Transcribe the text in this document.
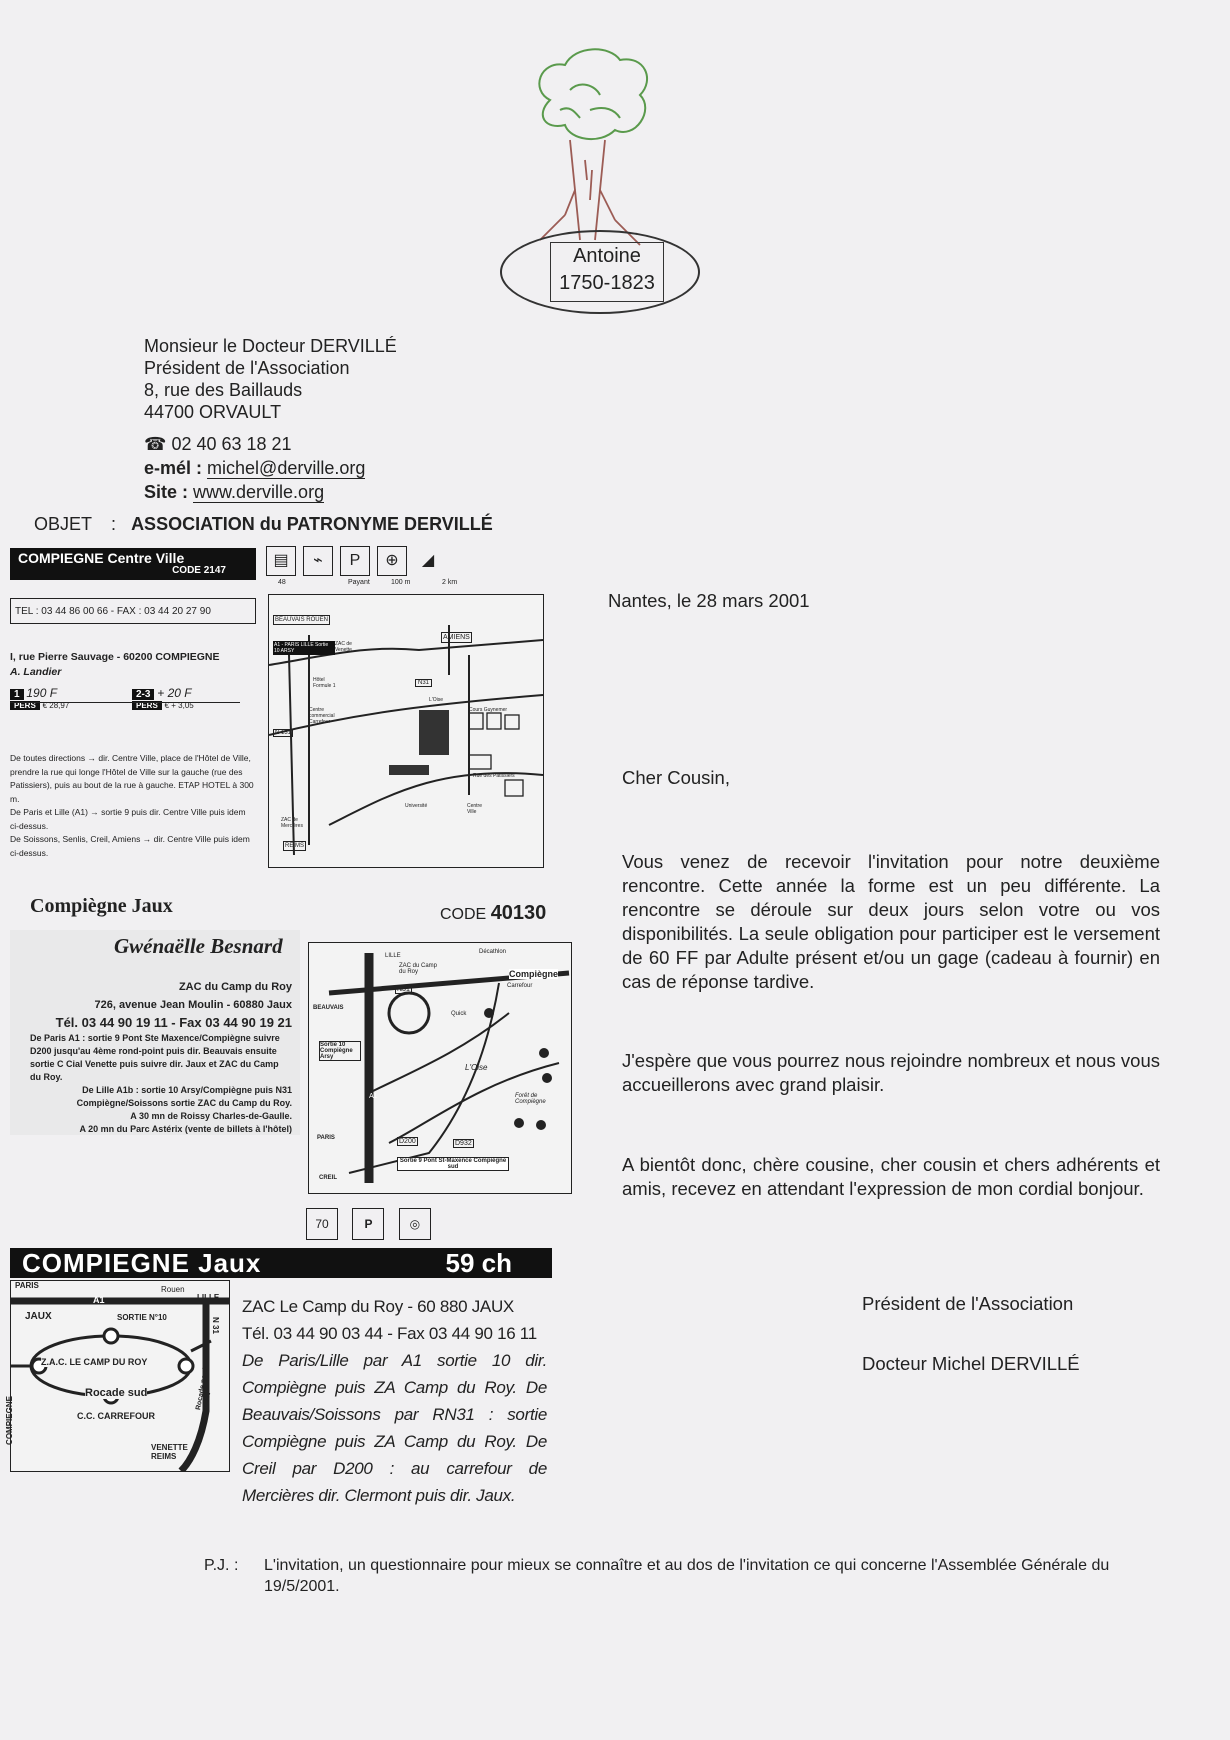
Antoine
1750-1823
Monsieur le Docteur DERVILLÉ
Président de l'Association
8, rue des Baillauds
44700 ORVAULT
☎ 02 40 63 18 21
e-mél : michel@derville.org
Site : www.derville.org
OBJET : ASSOCIATION du PATRONYME DERVILLÉ
COMPIEGNE Centre Ville
CODE 2147
▤ ⌁ P ⊕ ◢
48	Payant	100 m	2 km
TEL : 03 44 86 00 66 - FAX : 03 44 20 27 90
I, rue Pierre Sauvage - 60200 COMPIEGNE
A. Landier
1 190 F
PERS € 28,97
2-3 + 20 F
PERS € + 3,05
De toutes directions → dir. Centre Ville, place de l'Hôtel de Ville, prendre la rue qui longe l'Hôtel de Ville sur la gauche (rue des Patissiers), puis au bout de la rue à gauche. ETAP HOTEL à 300 m.
De Paris et Lille (A1) → sortie 9 puis dir. Centre Ville puis idem ci-dessus.
De Soissons, Senlis, Creil, Amiens → dir. Centre Ville puis idem ci-dessus.
BEAUVAIS ROUEN
AMIENS
A1 - PARIS LILLE Sortie 10 ARSY
ZAC de Venette
N31
Hôtel Formule 1
Centre commercial Carrefour
N 131
L'Oise
Cours Guynemer
Rue des Patissiers
Université	Centre Ville
REIMS
ZAC de Mercières
Compiègne Jaux	CODE 40130
Gwénaëlle Besnard
ZAC du Camp du Roy
726, avenue Jean Moulin - 60880 Jaux
Tél. 03 44 90 19 11 - Fax 03 44 90 19 21
De Paris A1 : sortie 9 Pont Ste Maxence/Compiègne suivre D200 jusqu'au 4ème rond-point puis dir. Beauvais ensuite sortie C Cial Venette puis suivre dir. Jaux et ZAC du Camp du Roy.
De Lille A1b : sortie 10 Arsy/Compiègne puis N31 Compiègne/Soissons sortie ZAC du Camp du Roy.
A 30 mn de Roissy Charles-de-Gaulle.
A 20 mn du Parc Astérix (vente de billets à l'hôtel)
LILLE
Décathlon
ZAC du Camp du Roy	Compiègne
Carrefour
N31
Quick
BEAUVAIS
Sortie 10 Compiègne Arsy
A1
L'Oise
Forêt de Compiègne
PARIS	D200	D932
Sortie 9 Pont St-Maxence Compiègne sud
CREIL
70	P	◎
COMPIEGNE Jaux	59 ch
PARIS
A1
Rouen
LILLE
JAUX	SORTIE N°10
Z.A.C. LE CAMP DU ROY
Rocade sud
C.C. CARREFOUR
VENETTE REIMS
COMPIEGNE
N 31
Rocade nord-ouest
ZAC Le Camp du Roy - 60 880 JAUX
Tél. 03 44 90 03 44 - Fax 03 44 90 16 11
De Paris/Lille par A1 sortie 10 dir. Compiègne puis ZA Camp du Roy. De Beauvais/Soissons par RN31 : sortie Compiègne puis ZA Camp du Roy. De Creil par D200 : au carrefour de Mercières dir. Clermont puis dir. Jaux.
Nantes, le 28 mars 2001
Cher Cousin,
Vous venez de recevoir l'invitation pour notre deuxième rencontre. Cette année la forme est un peu différente. La rencontre se déroule sur deux jours selon votre ou vos disponibilités. La seule obligation pour participer est le versement de 60 FF par Adulte présent et/ou un gage (cadeau à fournir) en cas de réponse tardive.
J'espère que vous pourrez nous rejoindre nombreux et nous vous accueillerons avec grand plaisir.
A bientôt donc, chère cousine, cher cousin et chers adhérents et amis, recevez en attendant l'expression de mon cordial bonjour.
Président de l'Association
Docteur Michel DERVILLÉ
P.J. : L'invitation, un questionnaire pour mieux se connaître et au dos de l'invitation ce qui concerne l'Assemblée Générale du 19/5/2001.
